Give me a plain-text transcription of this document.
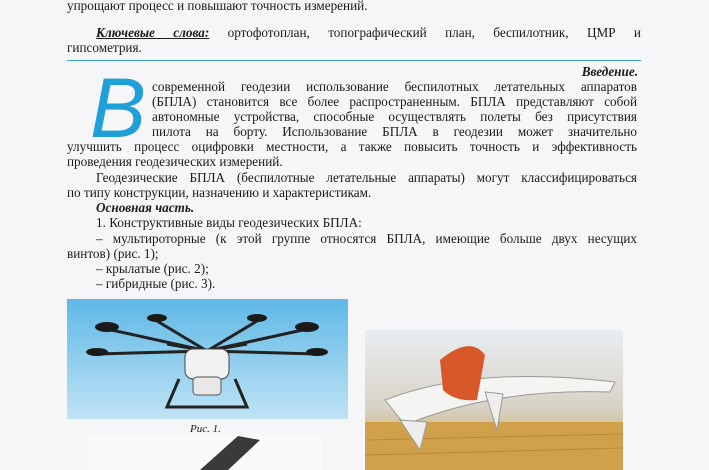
упрощают процесс и повышают точность измерений.
Ключевые слова: ортофотоплан, топографический план, беспилотник, ЦМР и
гипсометрия.
Введение.
В современной геодезии использование беспилотных летательных аппаратов
(БПЛА) становится все более распространенным. БПЛА представляют собой
автономные устройства, способные осуществлять полеты без присутствия
пилота на борту. Использование БПЛА в геодезии может значительно
улучшить процесс оцифровки местности, а также повысить точность и эффективность
проведения геодезических измерений.
Геодезические БПЛА (беспилотные летательные аппараты) могут классифицироваться
по типу конструкции, назначению и характеристикам.
Основная часть.
1. Конструктивные виды геодезических БПЛА:
– мультироторные (к этой группе относятся БПЛА, имеющие больше двух несущих
винтов) (рис. 1);
– крылатые (рис. 2);
– гибридные (рис. 3).
Рис. 1.
